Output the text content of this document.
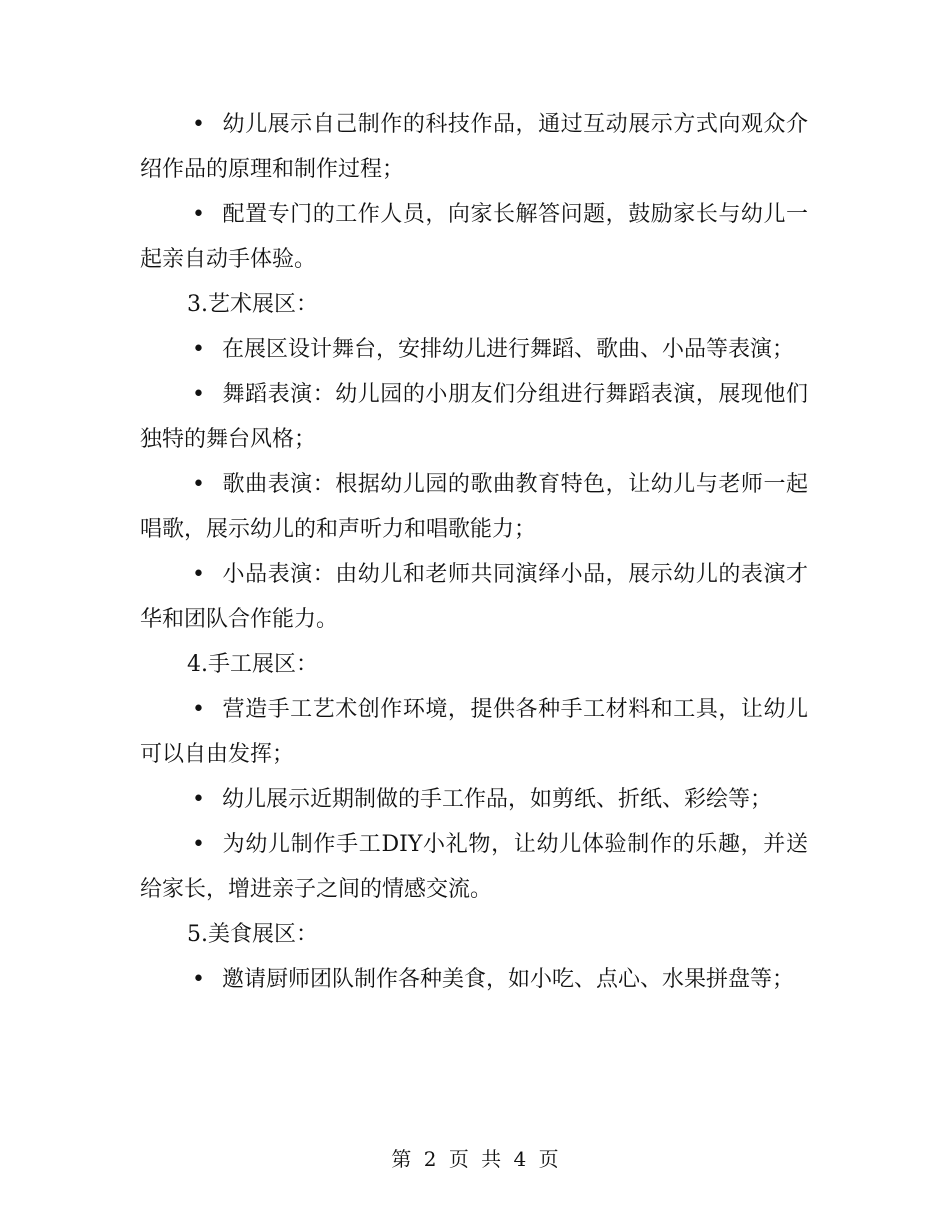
• 幼儿展示自己制作的科技作品，通过互动展示方式向观众介绍作品的原理和制作过程；

• 配置专门的工作人员，向家长解答问题，鼓励家长与幼儿一起亲自动手体验。

3.艺术展区：

• 在展区设计舞台，安排幼儿进行舞蹈、歌曲、小品等表演；

• 舞蹈表演：幼儿园的小朋友们分组进行舞蹈表演，展现他们独特的舞台风格；

• 歌曲表演：根据幼儿园的歌曲教育特色，让幼儿与老师一起唱歌，展示幼儿的和声听力和唱歌能力；

• 小品表演：由幼儿和老师共同演绎小品，展示幼儿的表演才华和团队合作能力。

4.手工展区：

• 营造手工艺术创作环境，提供各种手工材料和工具，让幼儿可以自由发挥；

• 幼儿展示近期制做的手工作品，如剪纸、折纸、彩绘等；

• 为幼儿制作手工DIY小礼物，让幼儿体验制作的乐趣，并送给家长，增进亲子之间的情感交流。

5.美食展区：

• 邀请厨师团队制作各种美食，如小吃、点心、水果拼盘等；

第 2 页 共 4 页
